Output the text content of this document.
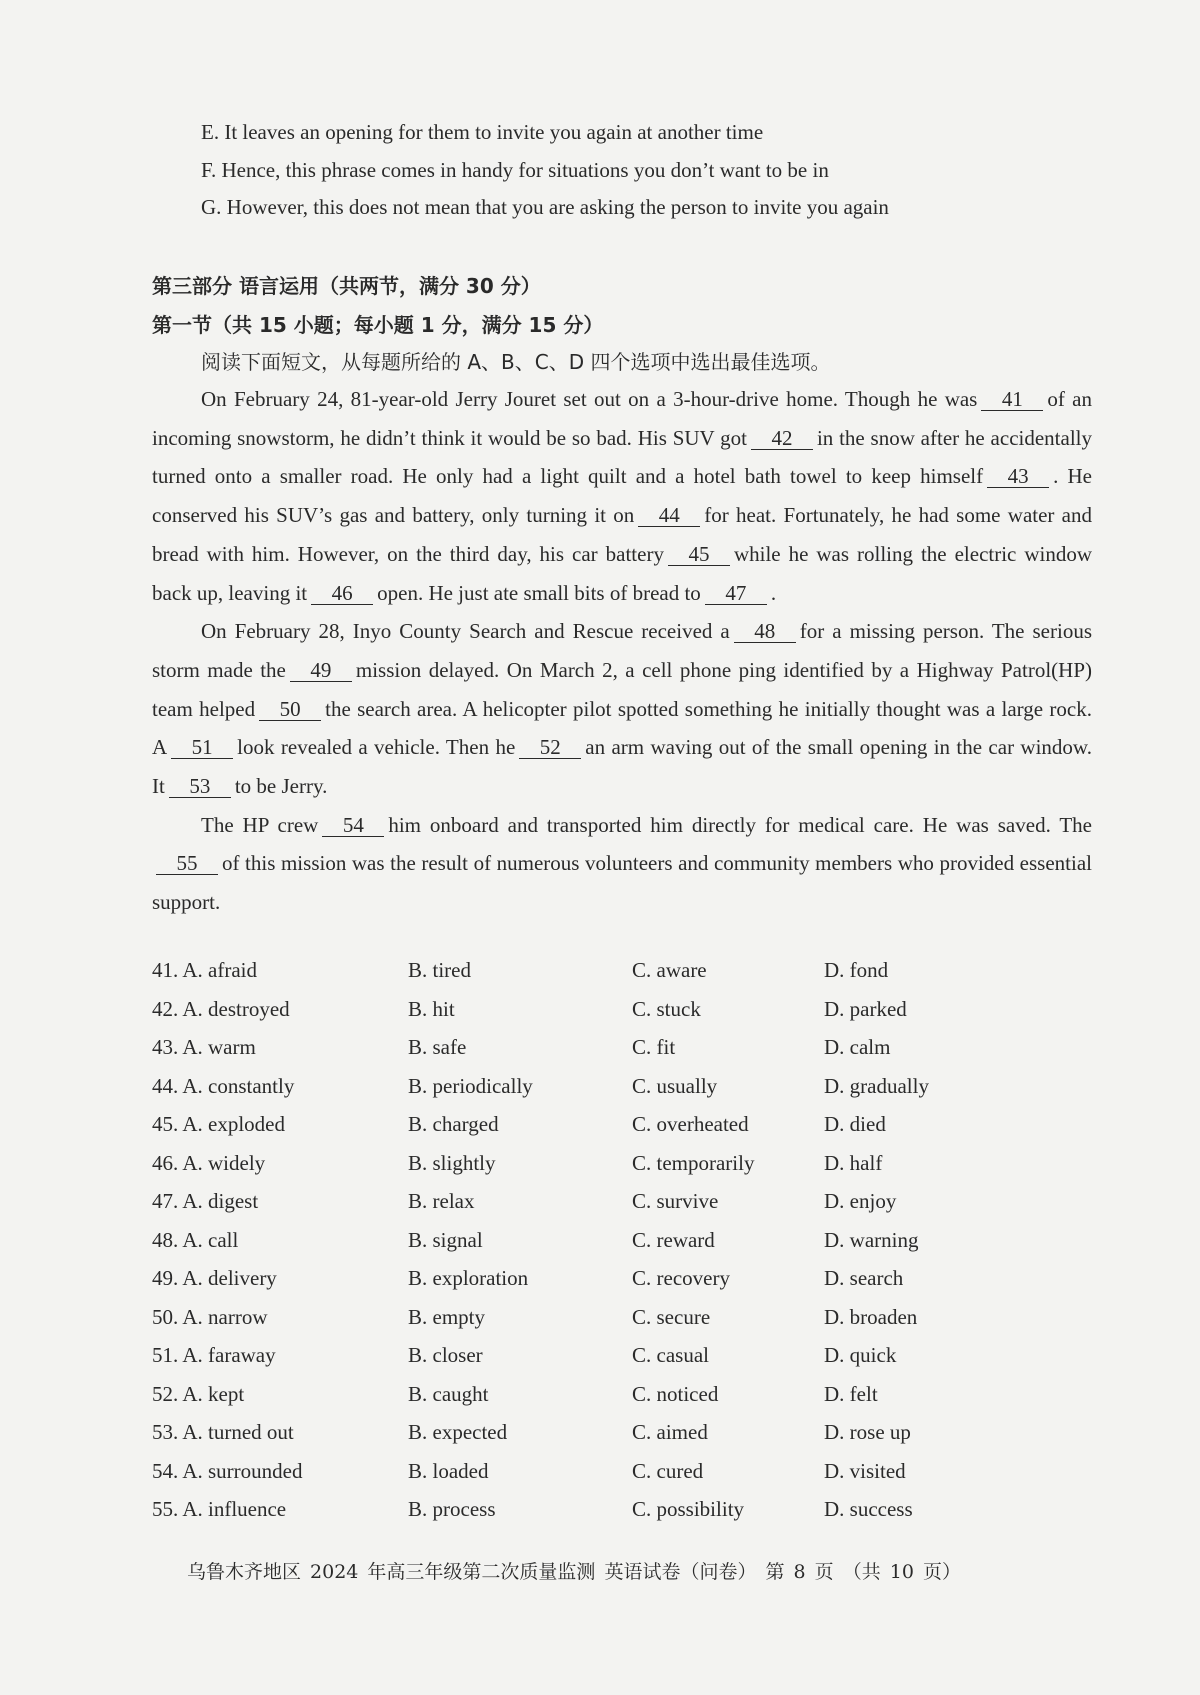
E. It leaves an opening for them to invite you again at another time
F. Hence, this phrase comes in handy for situations you don’t want to be in
G. However, this does not mean that you are asking the person to invite you again
第三部分 语言运用（共两节，满分 30 分）
第一节（共 15 小题；每小题 1 分，满分 15 分）
阅读下面短文，从每题所给的 A、B、C、D 四个选项中选出最佳选项。

On February 24, 81-year-old Jerry Jouret set out on a 3-hour-drive home. Though he was 41 of an incoming snowstorm, he didn’t think it would be so bad. His SUV got 42 in the snow after he accidentally turned onto a smaller road. He only had a light quilt and a hotel bath towel to keep himself 43 . He conserved his SUV’s gas and battery, only turning it on 44 for heat. Fortunately, he had some water and bread with him. However, on the third day, his car battery 45 while he was rolling the electric window back up, leaving it 46 open. He just ate small bits of bread to 47 .

On February 28, Inyo County Search and Rescue received a 48 for a missing person. The serious storm made the 49 mission delayed. On March 2, a cell phone ping identified by a Highway Patrol(HP) team helped 50 the search area. A helicopter pilot spotted something he initially thought was a large rock. A 51 look revealed a vehicle. Then he 52 an arm waving out of the small opening in the car window. It 53 to be Jerry.

The HP crew 54 him onboard and transported him directly for medical care. He was saved. The55 of this mission was the result of numerous volunteers and community members who provided essential support.

41. A. afraid	B. tired	C. aware	D. fond
42. A. destroyed	B. hit	C. stuck	D. parked
43. A. warm	B. safe	C. fit	D. calm
44. A. constantly	B. periodically	C. usually	D. gradually
45. A. exploded	B. charged	C. overheated	D. died
46. A. widely	B. slightly	C. temporarily	D. half
47. A. digest	B. relax	C. survive	D. enjoy
48. A. call	B. signal	C. reward	D. warning
49. A. delivery	B. exploration	C. recovery	D. search
50. A. narrow	B. empty	C. secure	D. broaden
51. A. faraway	B. closer	C. casual	D. quick
52. A. kept	B. caught	C. noticed	D. felt
53. A. turned out	B. expected	C. aimed	D. rose up
54. A. surrounded	B. loaded	C. cured	D. visited
55. A. influence	B. process	C. possibility	D. success
乌鲁木齐地区 2024 年高三年级第二次质量监测 英语试卷（问卷） 第 8 页 （共 10 页）
